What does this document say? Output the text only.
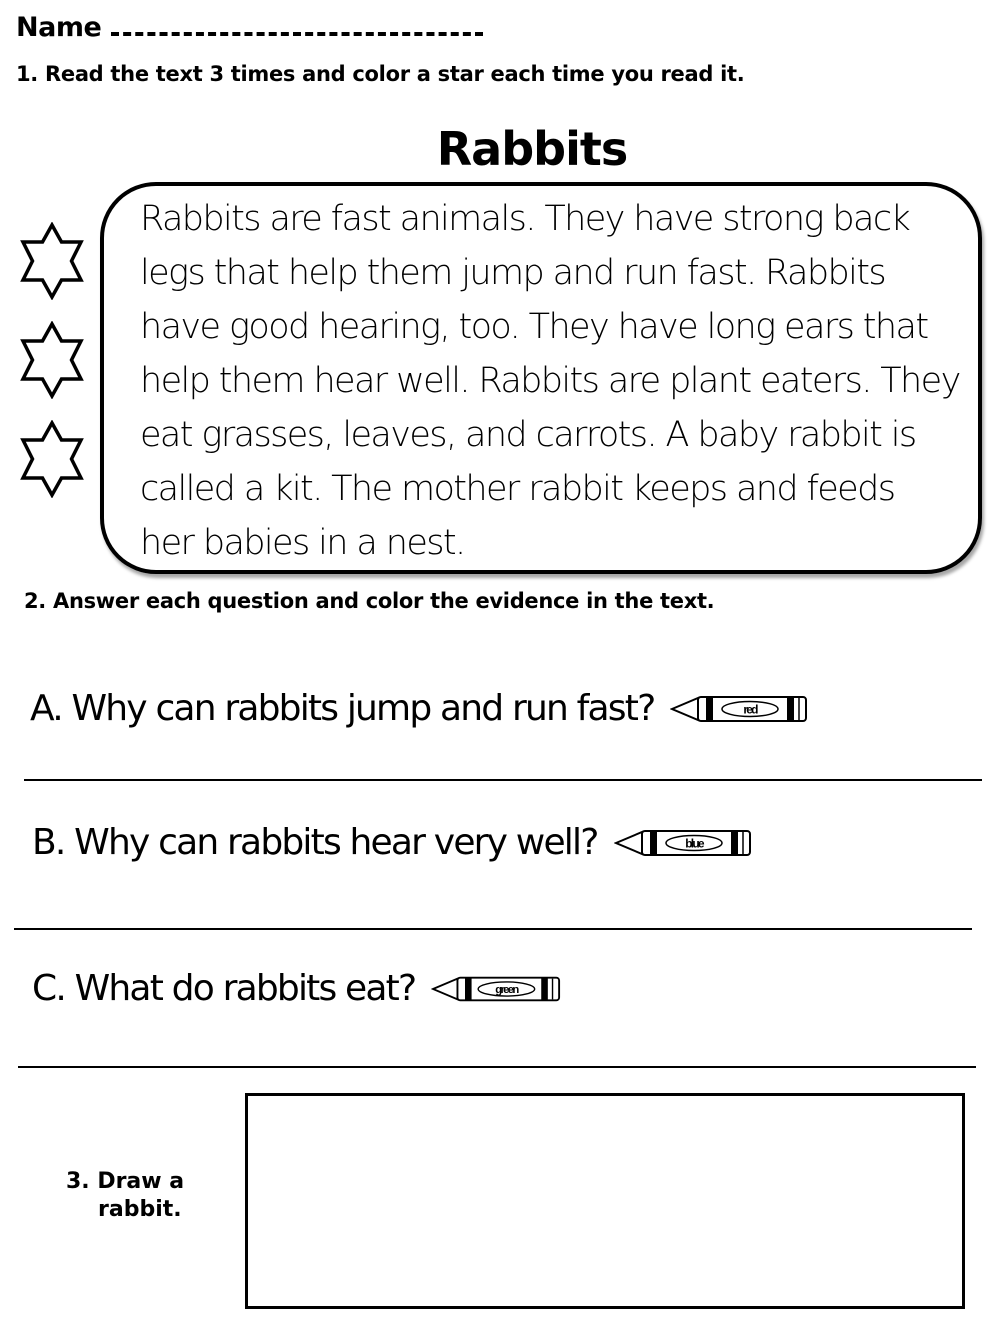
Name
1. Read the text 3 times and color a star each time you read it.
Rabbits
Rabbits are fast animals. They have strong back
legs that help them jump and run fast. Rabbits
have good hearing, too. They have long ears that
help them hear well. Rabbits are plant eaters. They
eat grasses, leaves, and carrots. A baby rabbit is
called a kit. The mother rabbit keeps and feeds
her babies in a nest.
2. Answer each question and color the evidence in the text.
A. Why can rabbits jump and run fast?	red
B. Why can rabbits hear very well?	blue
C. What do rabbits eat?	green
3. Draw a
rabbit.
